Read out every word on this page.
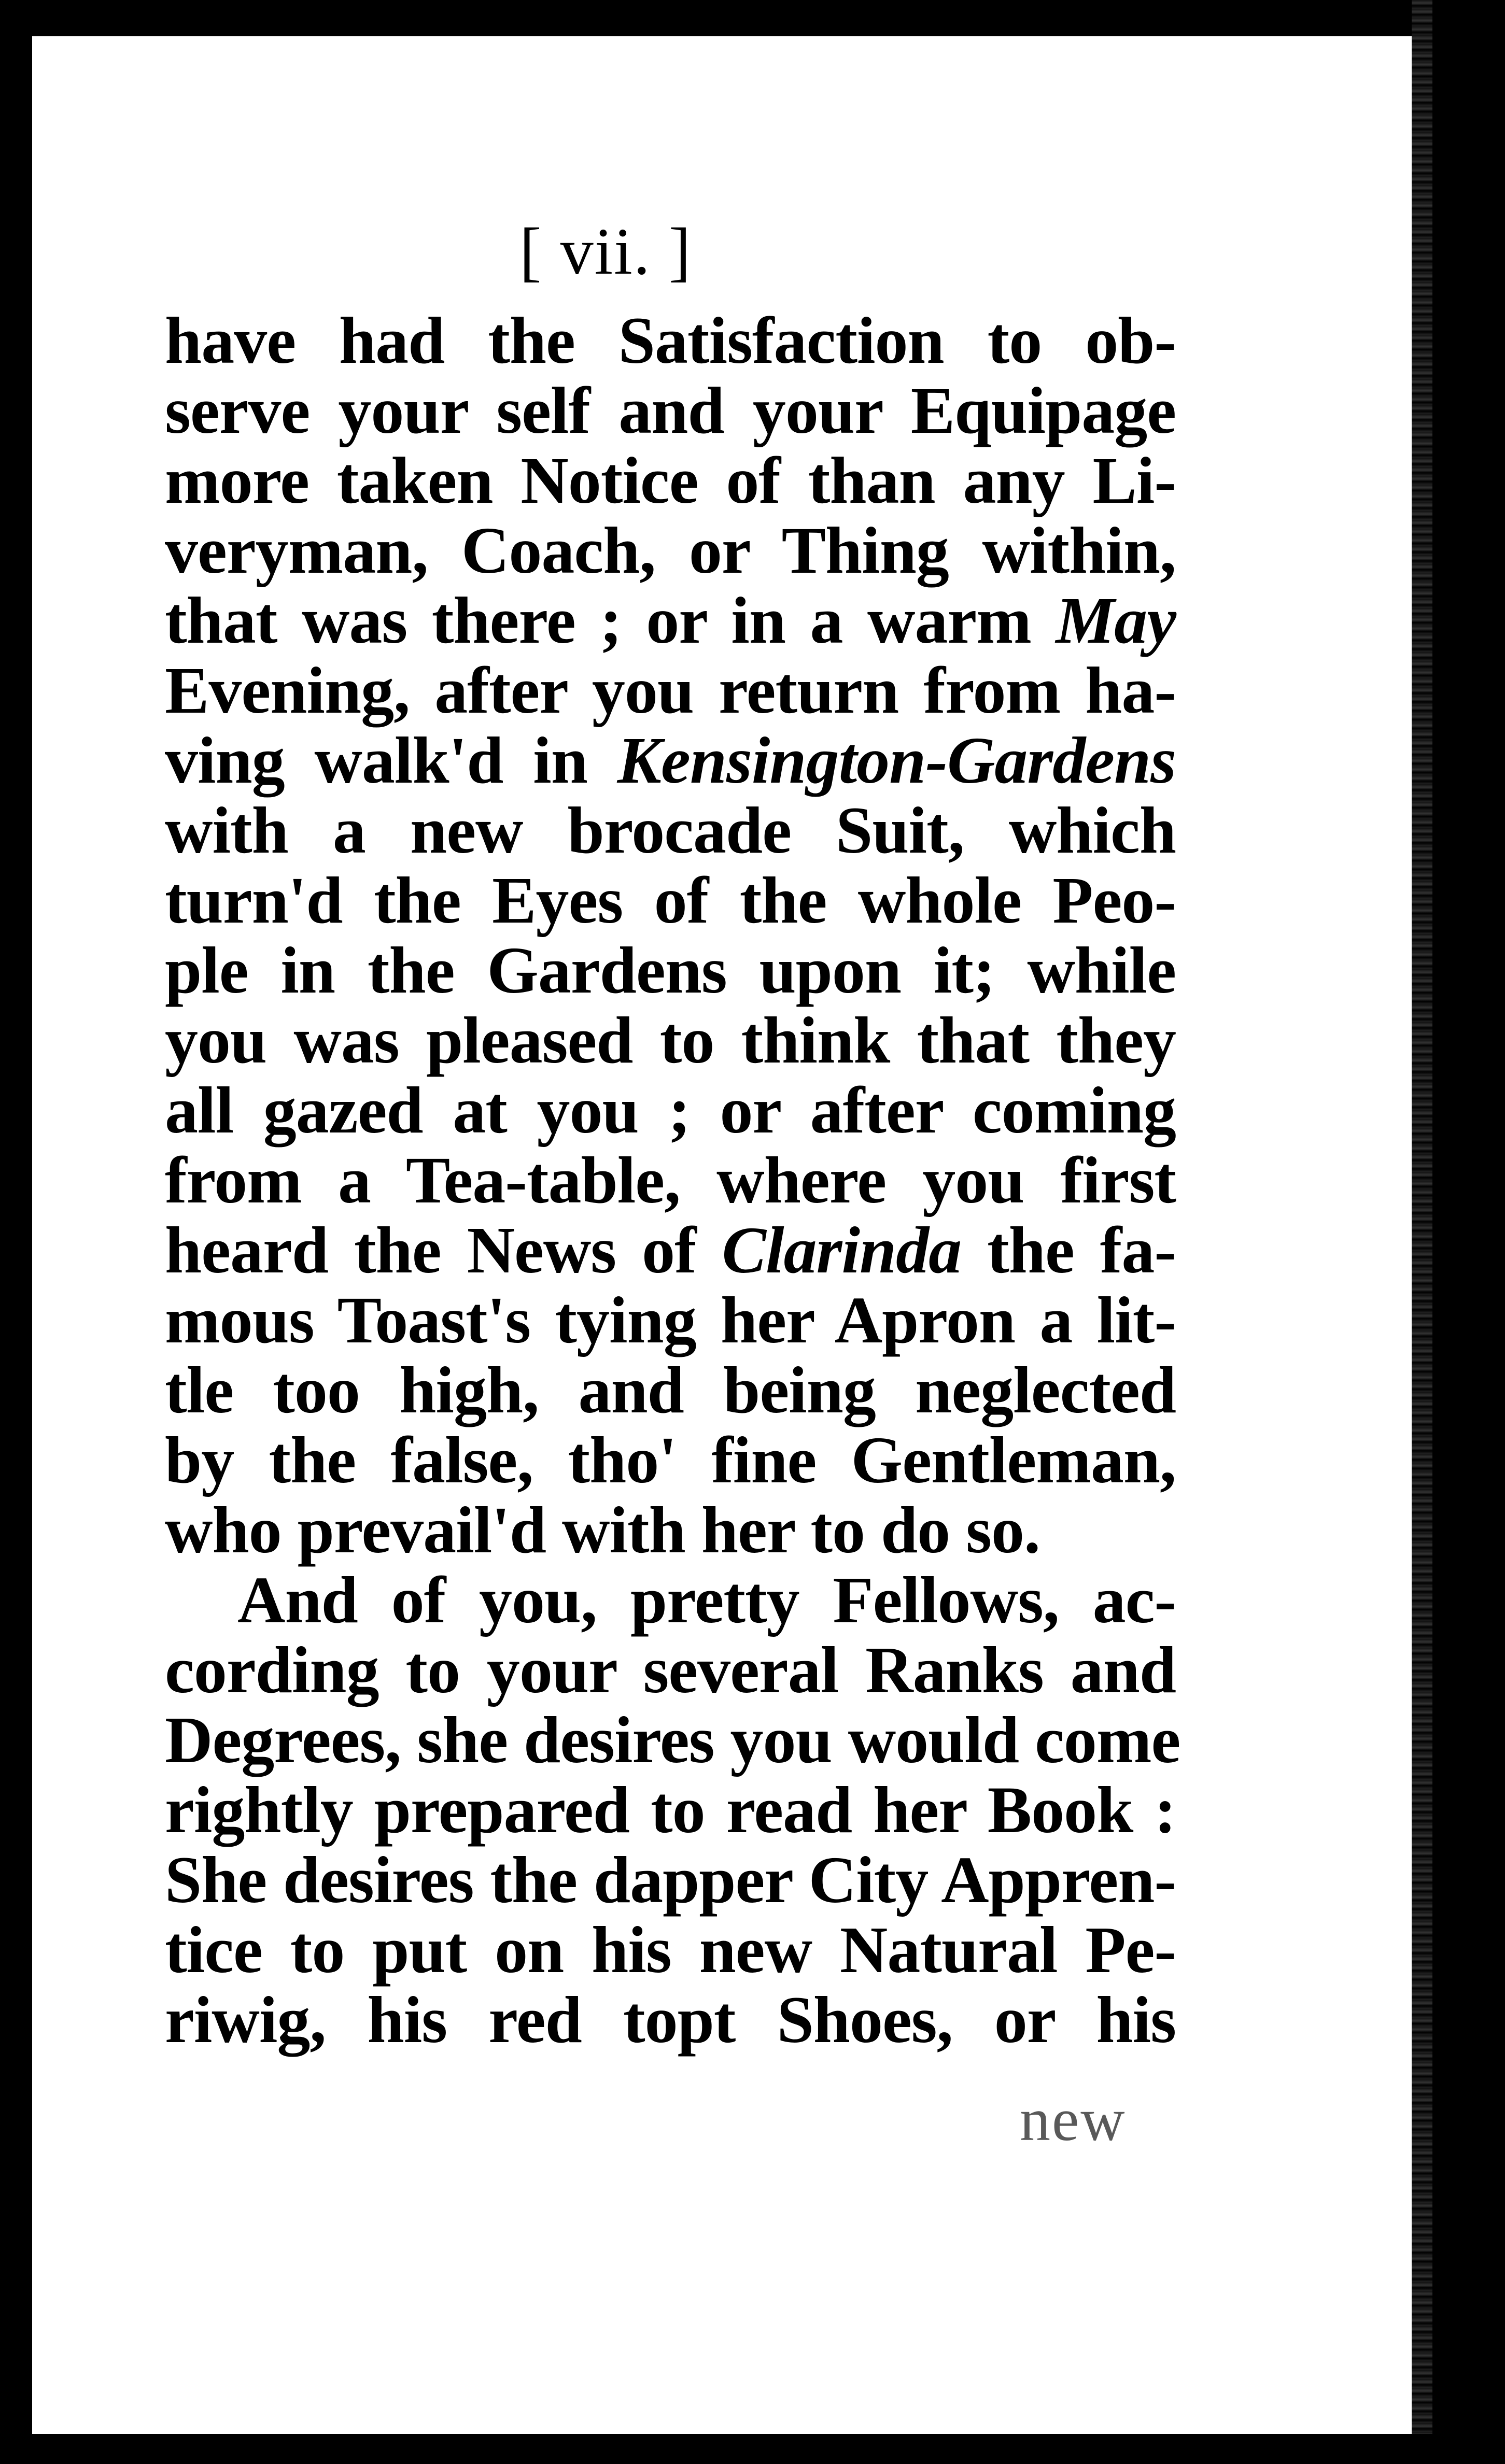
[ vii. ]
have had the Satisfaction to ob-
serve your self and your Equipage
more taken Notice of than any Li-
veryman, Coach, or Thing within,
that was there ; or in a warm May
Evening, after you return from ha-
ving walk'd in Kensington-Gardens
with a new brocade Suit, which
turn'd the Eyes of the whole Peo-
ple in the Gardens upon it; while
you was pleased to think that they
all gazed at you ; or after coming
from a Tea-table, where you first
heard the News of Clarinda the fa-
mous Toast's tying her Apron a lit-
tle too high, and being neglected
by the false, tho' fine Gentleman,
who prevail'd with her to do so.
And of you, pretty Fellows, ac-
cording to your several Ranks and
Degrees, she desires you would come
rightly prepared to read her Book :
She desires the dapper City Appren-
tice to put on his new Natural Pe-
riwig, his red topt Shoes, or his
new
